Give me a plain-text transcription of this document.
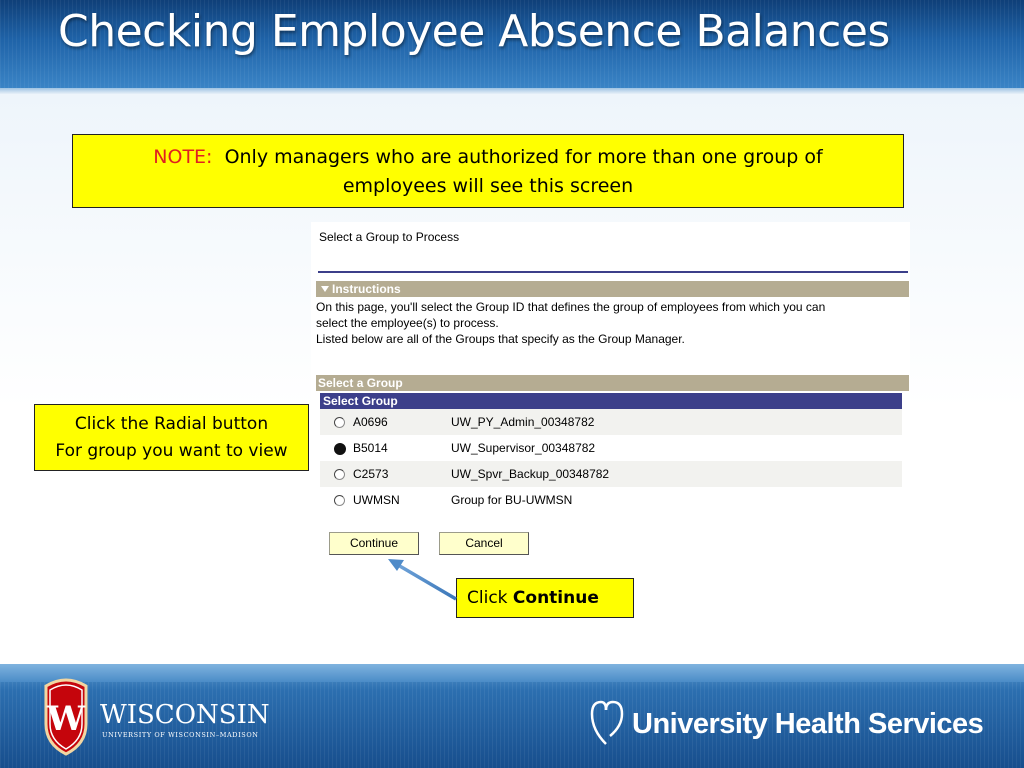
Checking Employee Absence Balances
NOTE: Only managers who are authorized for more than one group of
employees will see this screen
Select a Group to Process
Instructions
On this page, you'll select the Group ID that defines the group of employees from which you can
select the employee(s) to process.
Listed below are all of the Groups that specify as the Group Manager.
Select a Group
Select Group
A0696	UW_PY_Admin_00348782
B5014	UW_Supervisor_00348782
C2573	UW_Spvr_Backup_00348782
UWMSN	Group for BU-UWMSN
Continue	Cancel
Click the Radial button
For group you want to view
Click Continue
W WISCONSIN
UNIVERSITY OF WISCONSIN–MADISON	University Health Services
